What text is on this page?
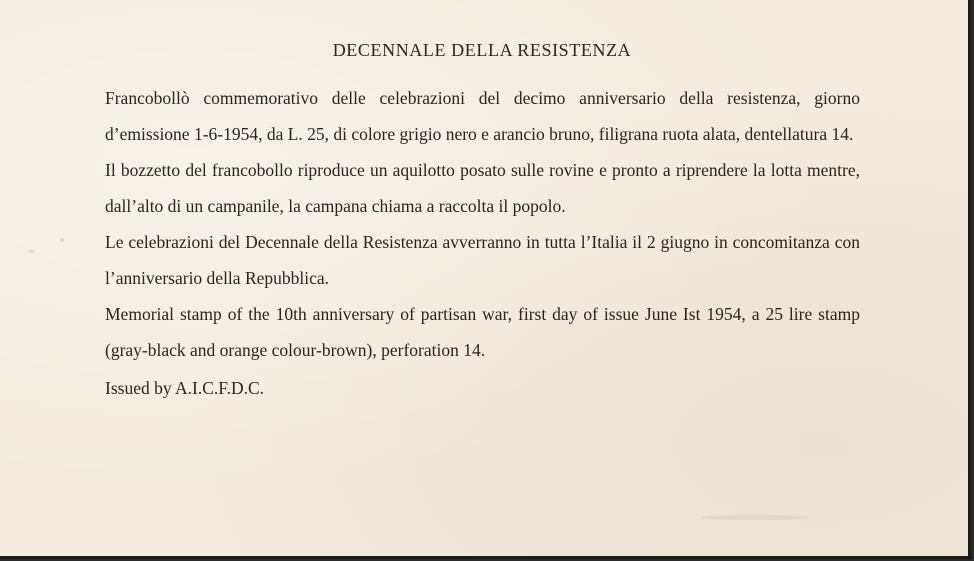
DECENNALE DELLA RESISTENZA

Francobollò commemorativo delle celebrazioni del decimo anniversario della resistenza, giorno d’emissione 1-6-1954, da L. 25, di colore grigio nero e arancio bruno, filigrana ruota alata, dentellatura 14.

Il bozzetto del francobollo riproduce un aquilotto posato sulle rovine e pronto a riprendere la lotta mentre, dall’alto di un campanile, la campana chiama a raccolta il popolo.

Le celebrazioni del Decennale della Resistenza avverranno in tutta l’Italia il 2 giugno in concomitanza con l’anniversario della Repubblica.

Memorial stamp of the 10th anniversary of partisan war, first day of issue June Ist 1954, a 25 lire stamp (gray-black and orange colour-brown), perforation 14.

Issued by A.I.C.F.D.C.
